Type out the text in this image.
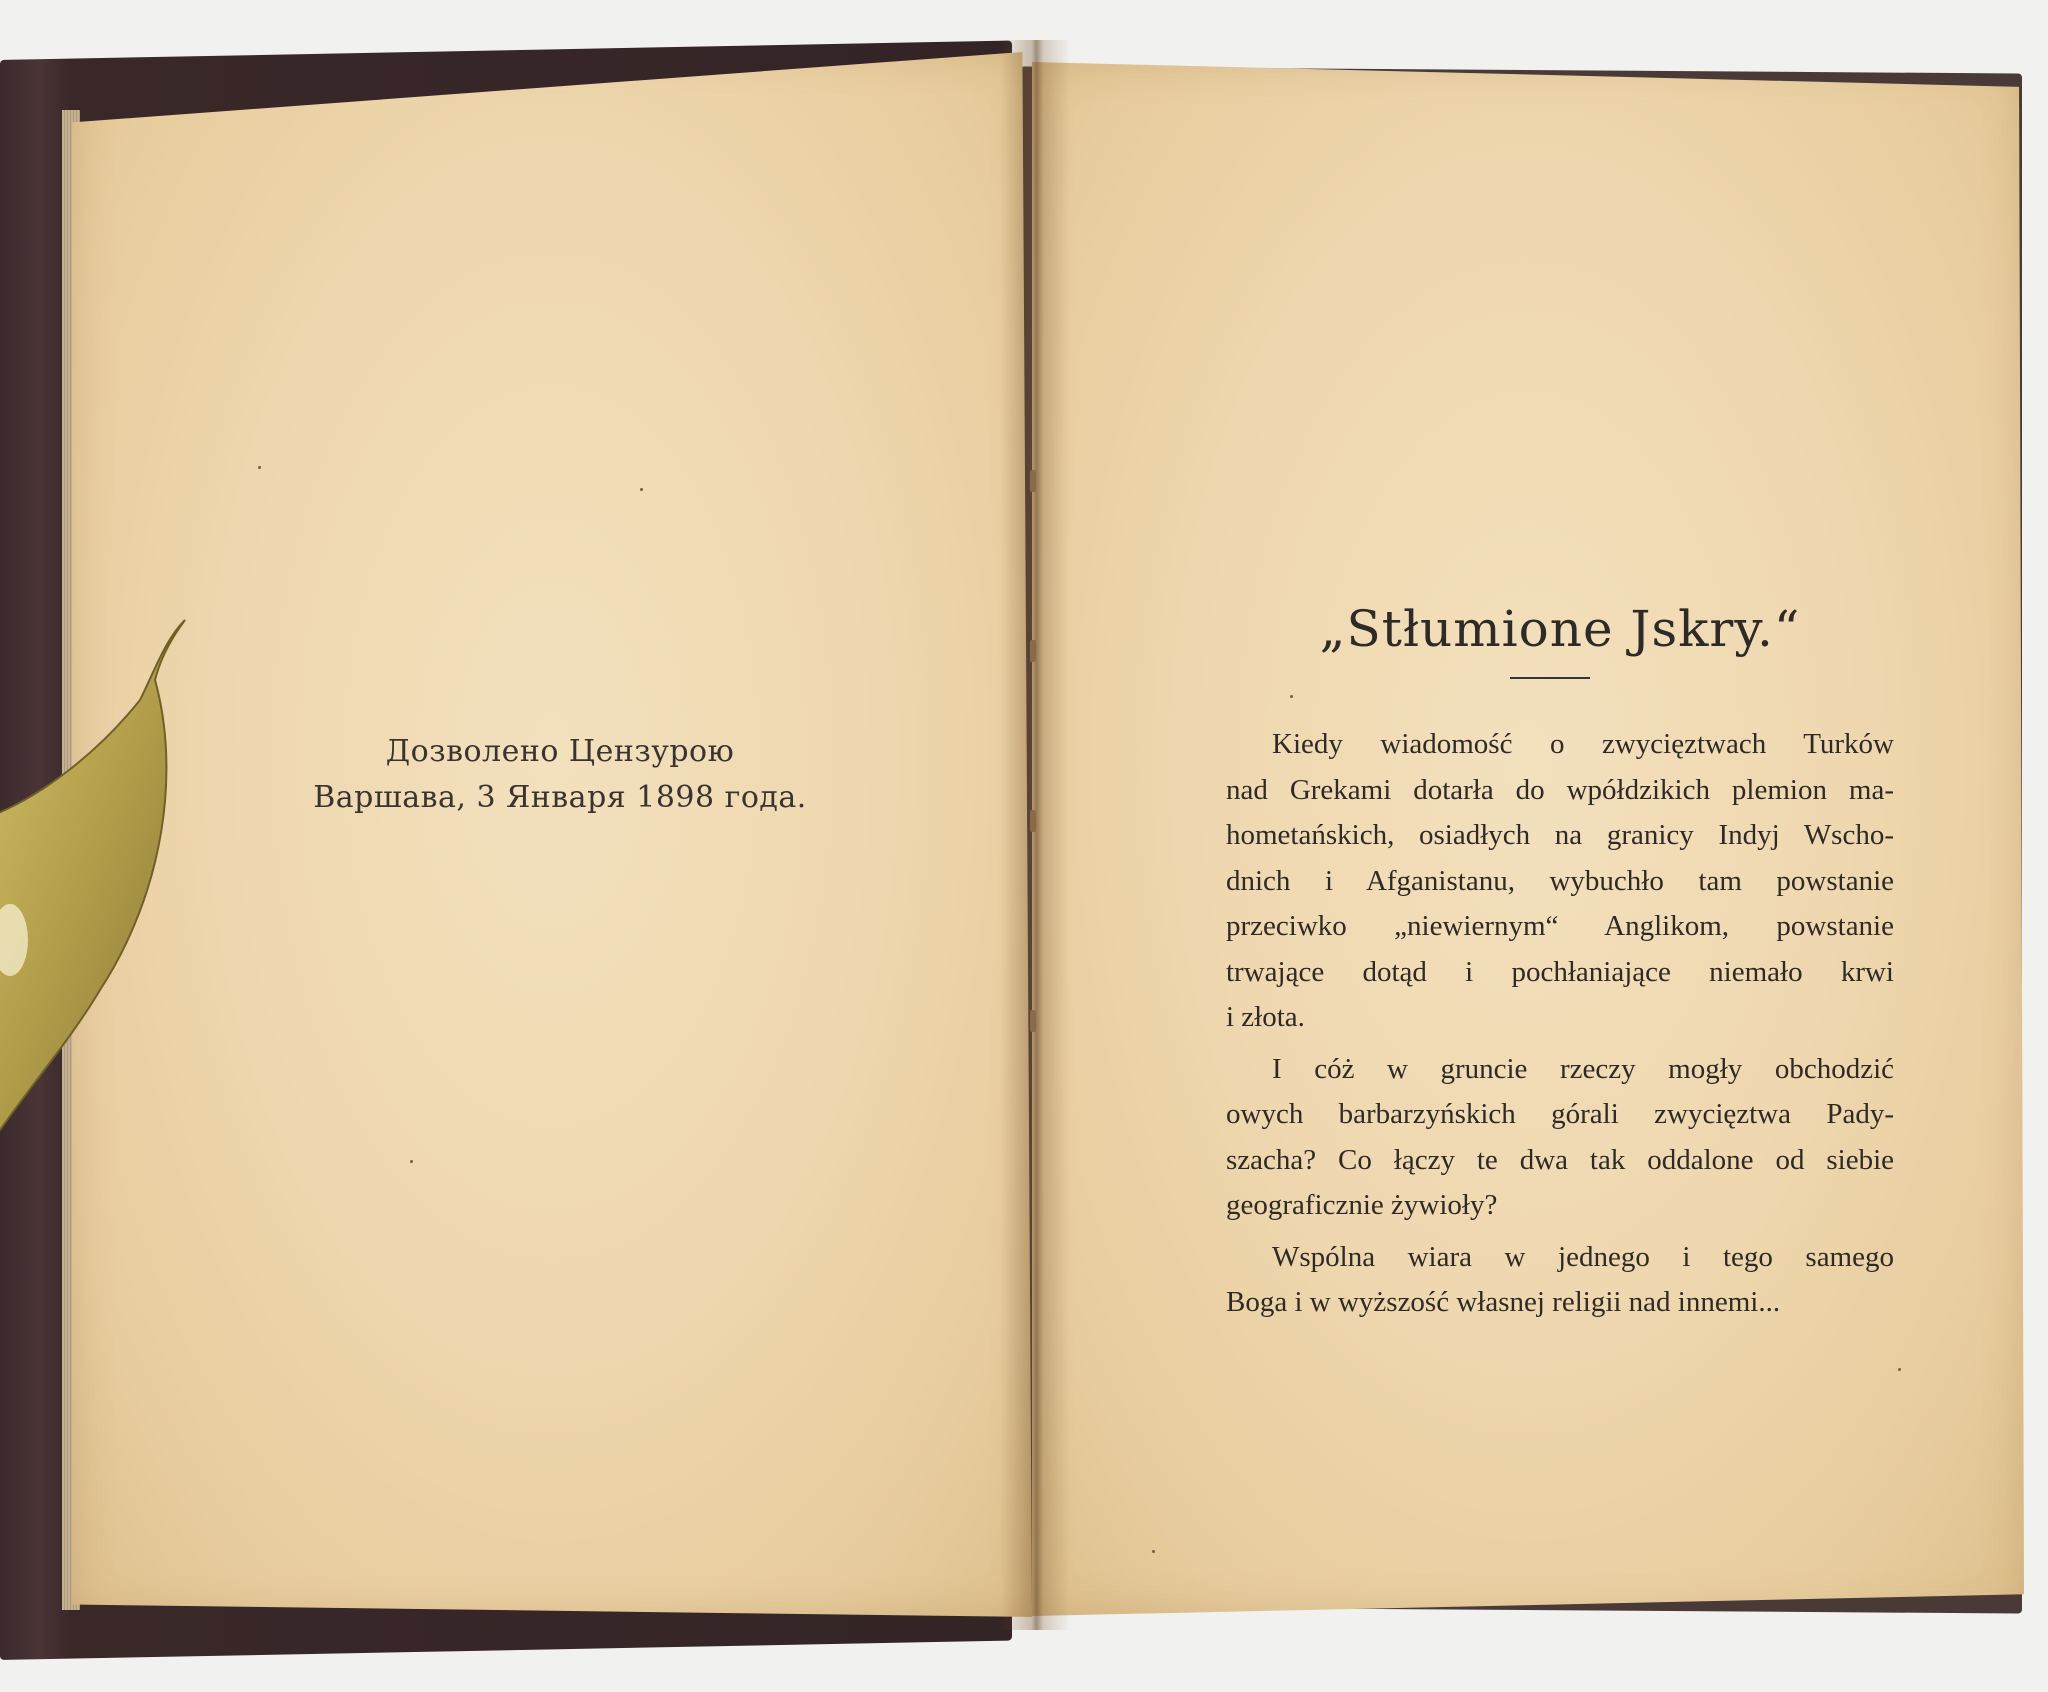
Дозволено Цензурою
Варшава, 3 Января 1898 года.
„Stłumione Jskry.“
Kiedy wiadomość o zwycięztwach Turków
nad Grekami dotarła do wpółdzikich plemion ma-
hometańskich, osiadłych na granicy Indyj Wscho-
dnich i Afganistanu, wybuchło tam powstanie
przeciwko „niewiernym“ Anglikom, powstanie
trwające dotąd i pochłaniające niemało krwi
i złota.
I cóż w gruncie rzeczy mogły obchodzić
owych barbarzyńskich górali zwycięztwa Pady-
szacha? Co łączy te dwa tak oddalone od siebie
geograficznie żywioły?
Wspólna wiara w jednego i tego samego
Boga i w wyższość własnej religii nad innemi...
